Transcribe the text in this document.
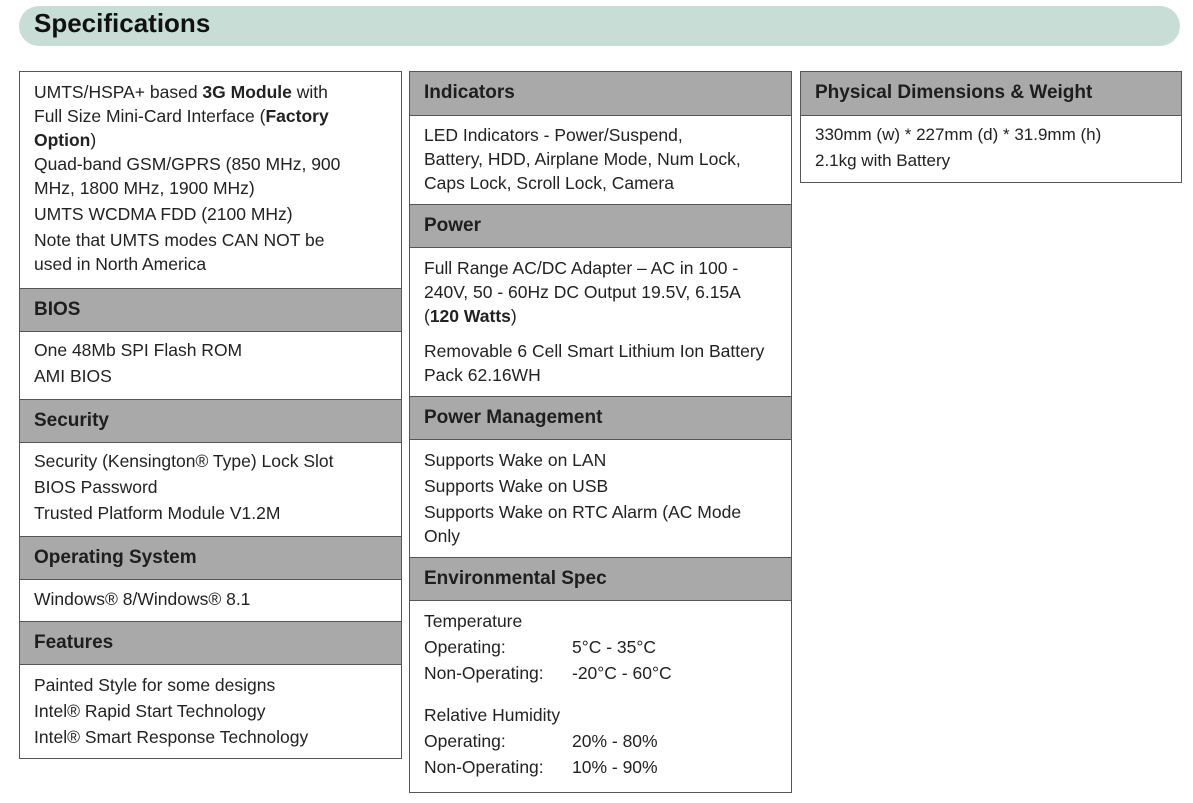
Specifications
UMTS/HSPA+ based 3G Module with
Full Size Mini-Card Interface (Factory
Option)
Quad-band GSM/GPRS (850 MHz, 900
MHz, 1800 MHz, 1900 MHz)
UMTS WCDMA FDD (2100 MHz)
Note that UMTS modes CAN NOT be
used in North America
BIOS
One 48Mb SPI Flash ROM
AMI BIOS
Security
Security (Kensington® Type) Lock Slot
BIOS Password
Trusted Platform Module V1.2M
Operating System
Windows® 8/Windows® 8.1
Features
Painted Style for some designs
Intel® Rapid Start Technology
Intel® Smart Response Technology
Indicators
LED Indicators - Power/Suspend,
Battery, HDD, Airplane Mode, Num Lock,
Caps Lock, Scroll Lock, Camera
Power
Full Range AC/DC Adapter – AC in 100 -
240V, 50 - 60Hz DC Output 19.5V, 6.15A
(120 Watts)
Removable 6 Cell Smart Lithium Ion Battery
Pack 62.16WH
Power Management
Supports Wake on LAN
Supports Wake on USB
Supports Wake on RTC Alarm (AC Mode
Only
Environmental Spec
Temperature
Operating:	5°C - 35°C
Non-Operating:	-20°C - 60°C
Relative Humidity
Operating:	20% - 80%
Non-Operating:	10% - 90%
Physical Dimensions & Weight
330mm (w) * 227mm (d) * 31.9mm (h)
2.1kg with Battery
